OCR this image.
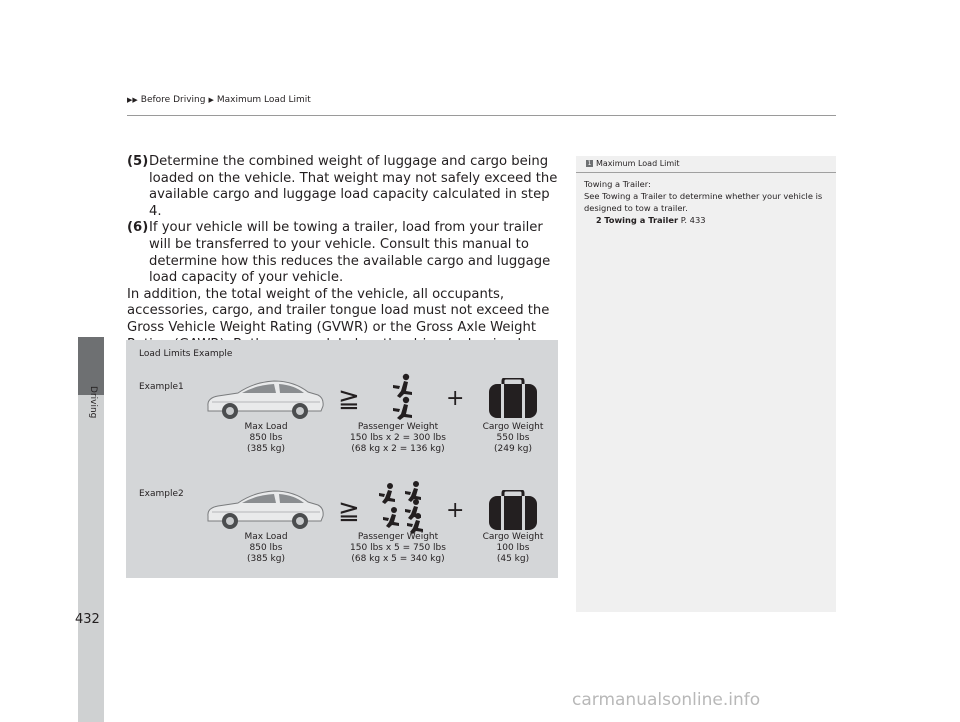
Driving
▶▶ Before Driving ▶ Maximum Load Limit
(5) Determine the combined weight of luggage and cargo being loaded on the vehicle. That weight may not safely exceed the available cargo and luggage load capacity calculated in step 4.
(6) If your vehicle will be towing a trailer, load from your trailer will be transferred to your vehicle. Consult this manual to determine how this reduces the available cargo and luggage load capacity of your vehicle.

In addition, the total weight of the vehicle, all occupants, accessories, cargo, and trailer tongue load must not exceed the Gross Vehicle Weight Rating (GVWR) or the Gross Axle Weight

1 Maximum Load Limit
Towing a Trailer:
See Towing a Trailer to determine whether your vehicle is designed to tow a trailer.
2 Towing a Trailer P. 433
Load Limits Example
Example1	≧	+
Max Load
850 lbs
(385 kg)
Passenger Weight
150 lbs x 2 = 300 lbs
(68 kg x 2 = 136 kg)
Cargo Weight
550 lbs
(249 kg)
Example2
≧	+
Max Load
850 lbs
(385 kg)
Passenger Weight
150 lbs x 5 = 750 lbs
(68 kg x 5 = 340 kg)
Cargo Weight
100 lbs
(45 kg)
432
carmanualsonline.info
